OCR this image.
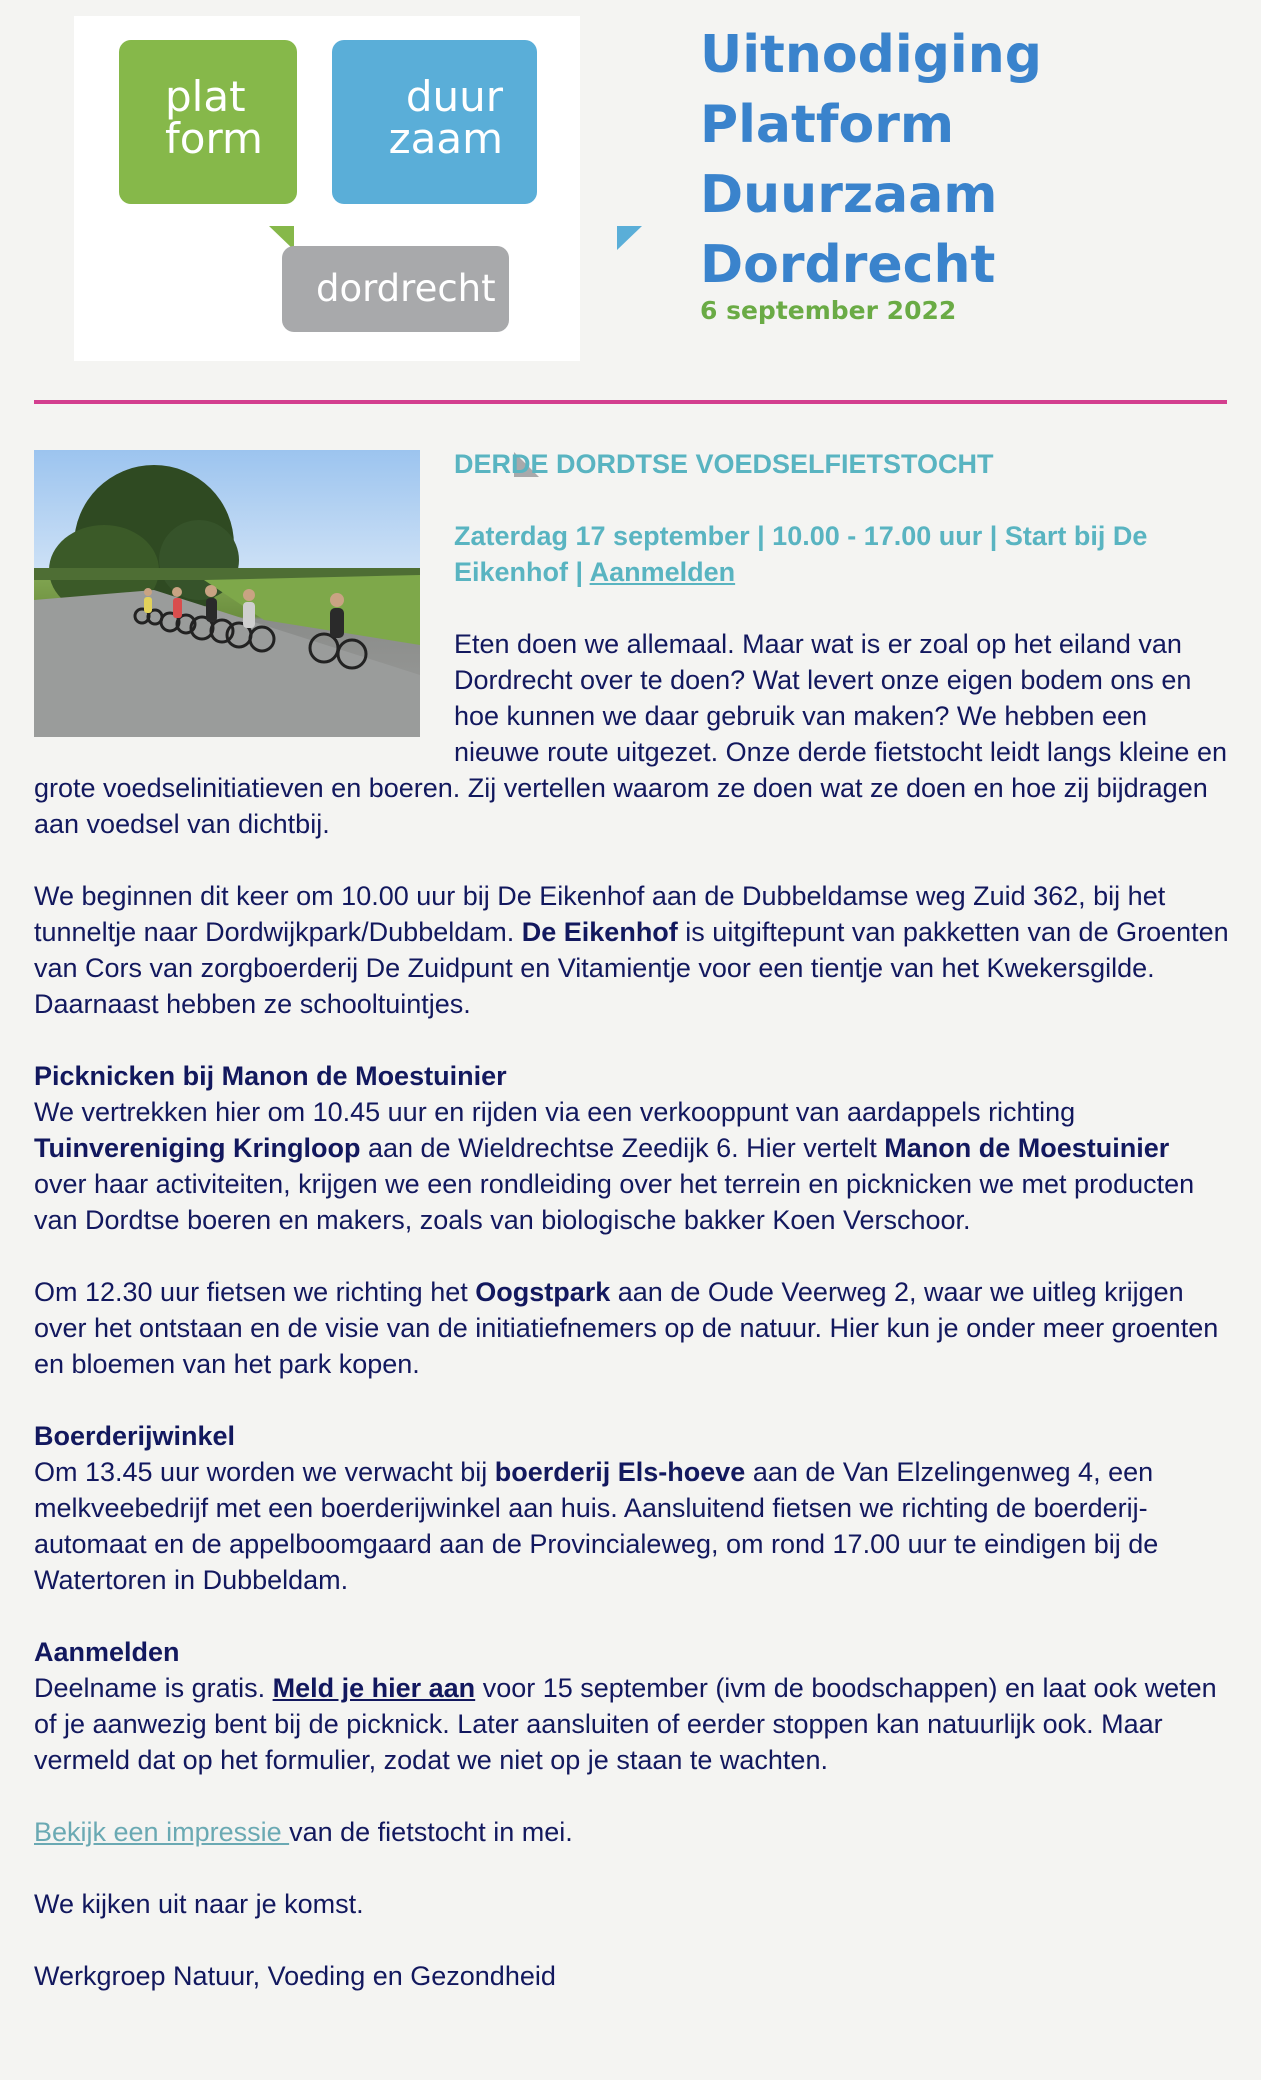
plat
form
duur
zaam
dordrecht
Uitnodiging
Platform
Duurzaam
Dordrecht
6 september 2022
DERDE DORDTSE VOEDSELFIETSTOCHT
Zaterdag 17 september | 10.00 - 17.00 uur | Start bij De Eikenhof | Aanmelden

Eten doen we allemaal. Maar wat is er zoal op het eiland van Dordrecht over te doen? Wat levert onze eigen bodem ons en hoe kunnen we daar gebruik van maken? We hebben een nieuwe route uitgezet. Onze derde fietstocht leidt langs kleine en grote voedselinitiatieven en boeren. Zij vertellen waarom ze doen wat ze doen en hoe zij bijdragen aan voedsel van dichtbij.

We beginnen dit keer om 10.00 uur bij De Eikenhof aan de Dubbeldamse weg Zuid 362, bij het tunneltje naar Dordwijkpark/Dubbeldam. De Eikenhof is uitgiftepunt van pakketten van de Groenten van Cors van zorgboerderij De Zuidpunt en Vitamientje voor een tientje van het Kwekersgilde. Daarnaast hebben ze schooltuintjes.

Picknicken bij Manon de Moestuinier
We vertrekken hier om 10.45 uur en rijden via een verkooppunt van aardappels richting Tuinvereniging Kringloop aan de Wieldrechtse Zeedijk 6. Hier vertelt Manon de Moestuinier over haar activiteiten, krijgen we een rondleiding over het terrein en picknicken we met producten van Dordtse boeren en makers, zoals van biologische bakker Koen Verschoor.

Om 12.30 uur fietsen we richting het Oogstpark aan de Oude Veerweg 2, waar we uitleg krijgen over het ontstaan en de visie van de initiatiefnemers op de natuur. Hier kun je onder meer groenten en bloemen van het park kopen.

Boerderijwinkel
Om 13.45 uur worden we verwacht bij boerderij Els-hoeve aan de Van Elzelingenweg 4, een melkveebedrijf met een boerderijwinkel aan huis. Aansluitend fietsen we richting de boerderij-automaat en de appelboomgaard aan de Provincialeweg, om rond 17.00 uur te eindigen bij de Watertoren in Dubbeldam.

Aanmelden
Deelname is gratis. Meld je hier aan voor 15 september (ivm de boodschappen) en laat ook weten of je aanwezig bent bij de picknick. Later aansluiten of eerder stoppen kan natuurlijk ook. Maar vermeld dat op het formulier, zodat we niet op je staan te wachten.

Bekijk een impressie van de fietstocht in mei.

We kijken uit naar je komst.

Werkgroep Natuur, Voeding en Gezondheid
